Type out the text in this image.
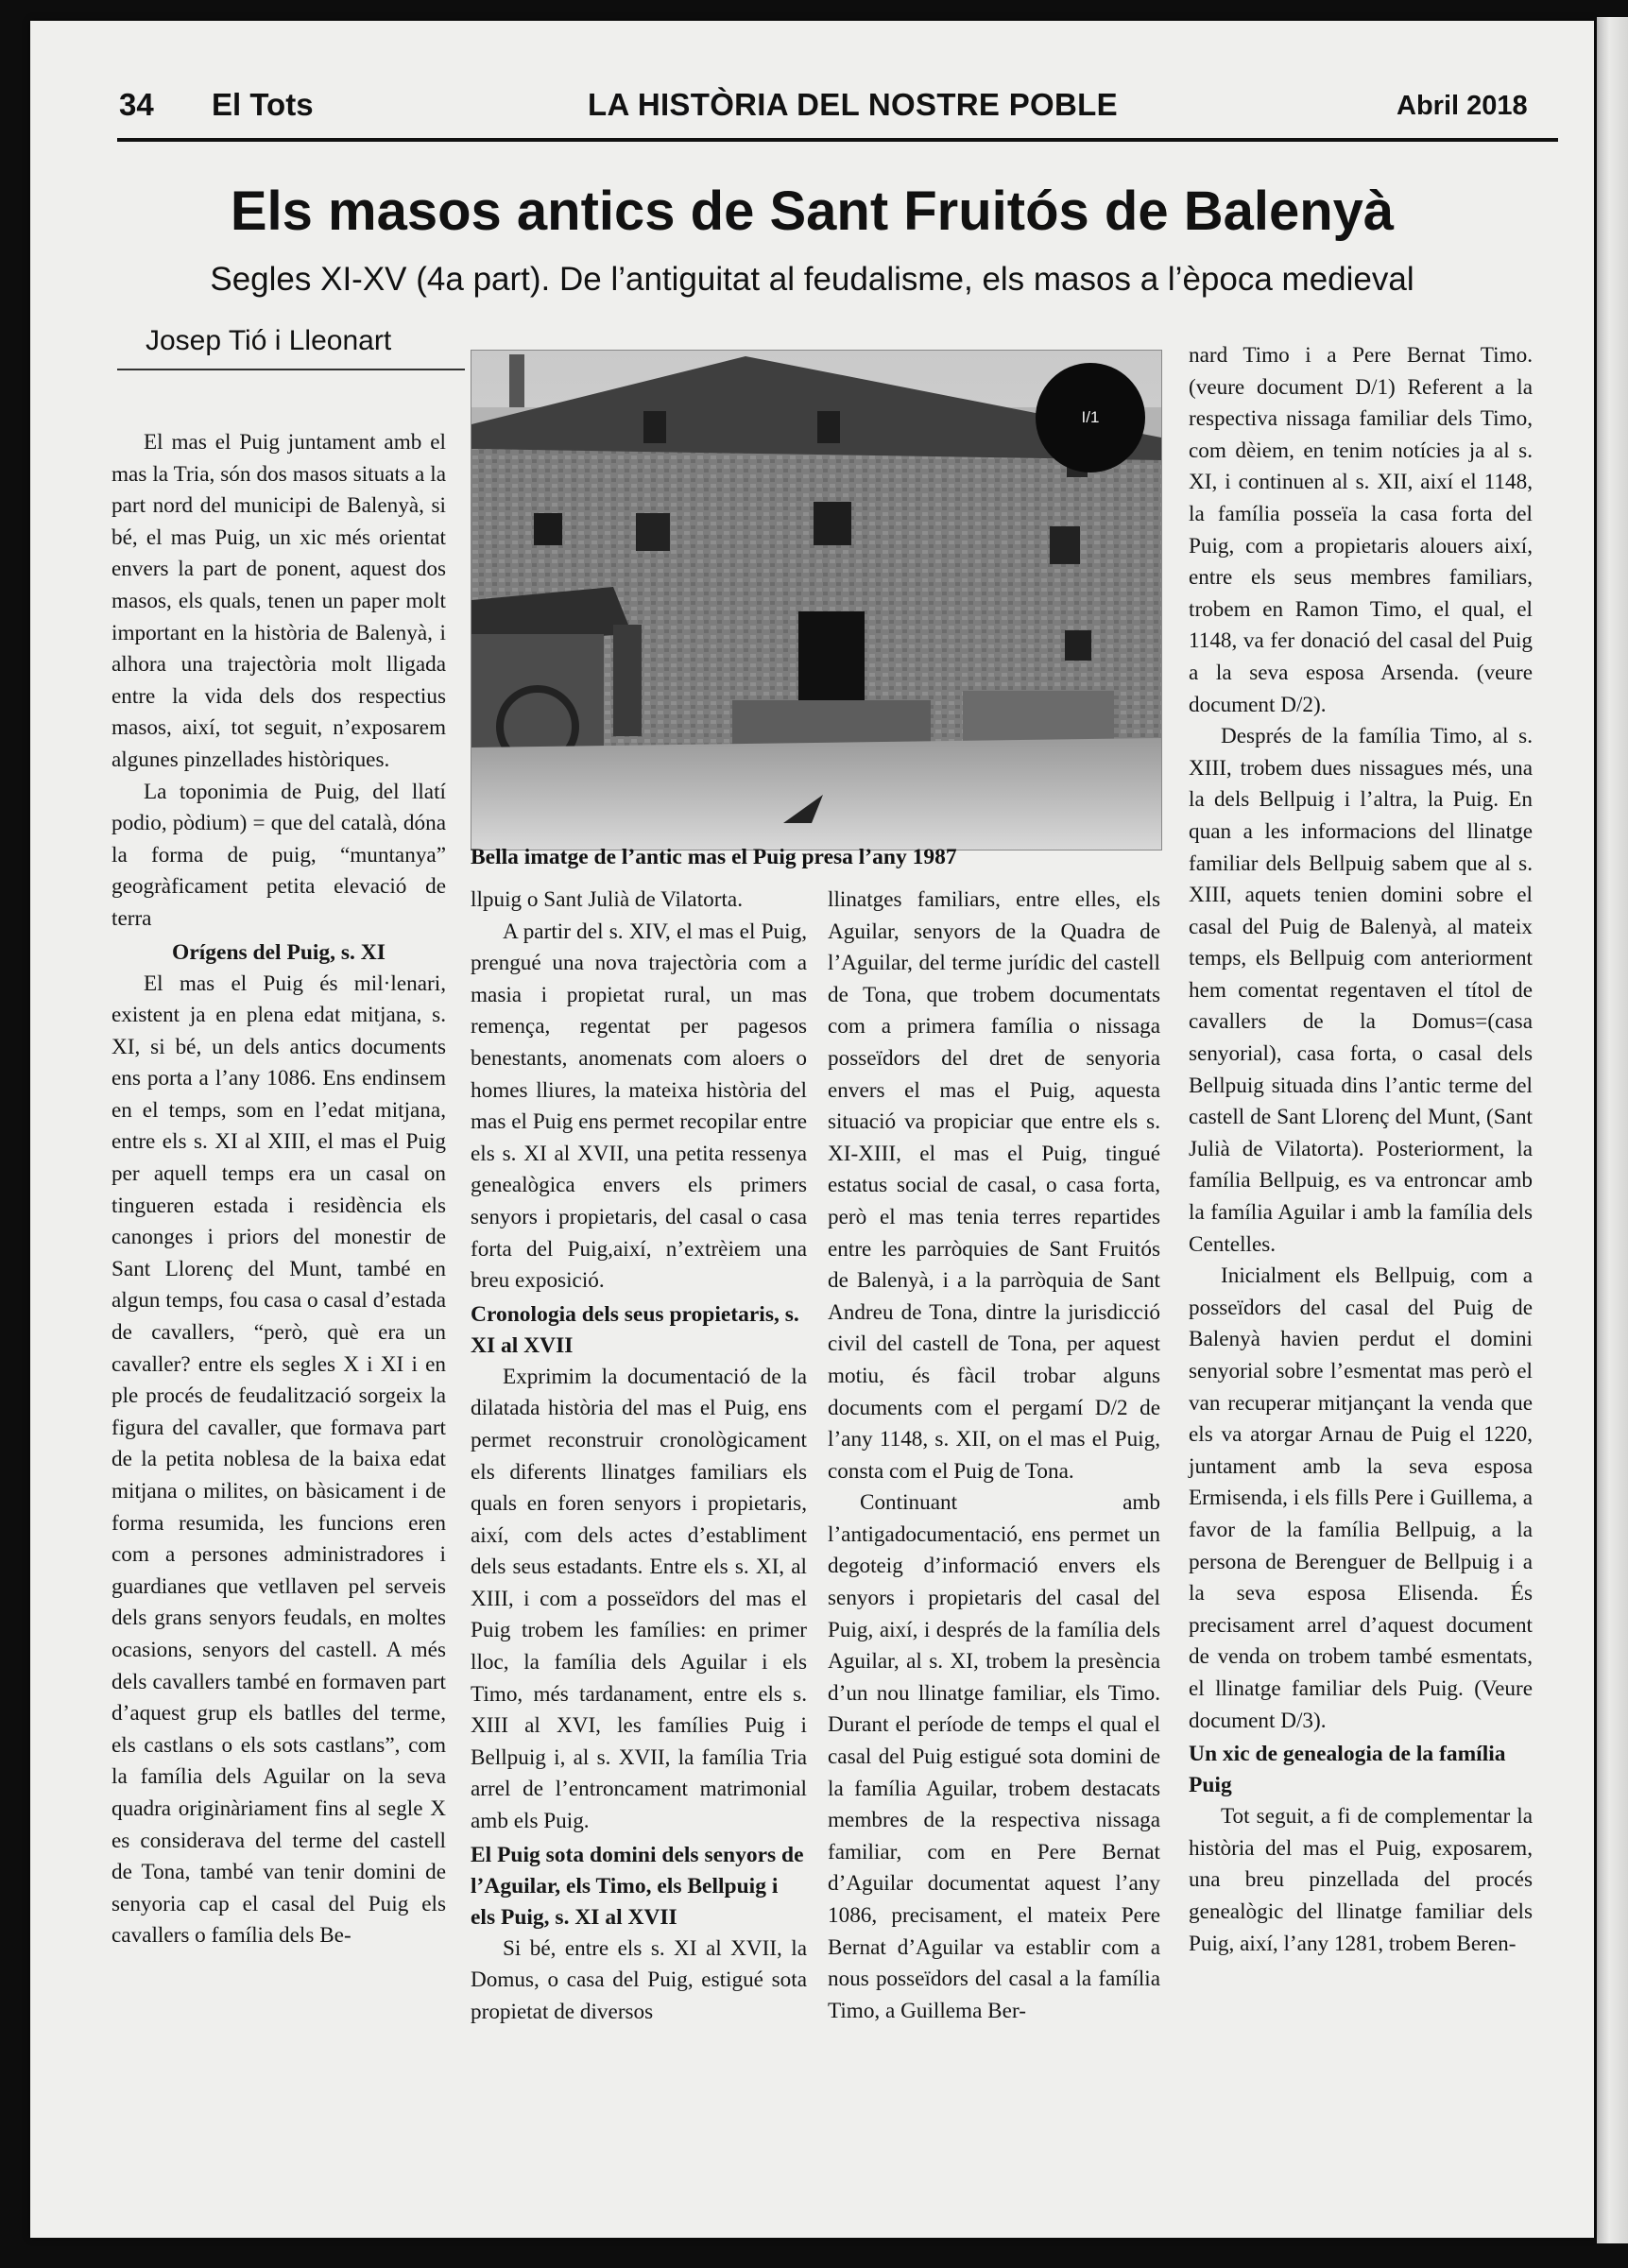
34 El Tots	LA HISTÒRIA DEL NOSTRE POBLE	Abril 2018
Els masos antics de Sant Fruitós de Balenyà
Segles XI-XV (4a part). De l’antiguitat al feudalisme, els masos a l’època medieval
Josep Tió i Lleonart
I/1
Bella imatge de l’antic mas el Puig presa l’any 1987

El mas el Puig juntament amb el mas la Tria, són dos masos situats a la part nord del municipi de Balenyà, si bé, el mas Puig, un xic més orientat envers la part de ponent, aquest dos masos, els quals, tenen un paper molt important en la història de Balenyà, i alhora una trajectòria molt lligada entre la vida dels dos respectius masos, així, tot seguit, n’exposarem algunes pinzellades històriques.

La toponimia de Puig, del llatí podio, pòdium) = que del català, dóna la forma de puig, “muntanya” geogràficament petita elevació de terra

Orígens del Puig, s. XI

El mas el Puig és mil·lenari, existent ja en plena edat mitjana, s. XI, si bé, un dels antics documents ens porta a l’any 1086. Ens endinsem en el temps, som en l’edat mitjana, entre els s. XI al XIII, el mas el Puig per aquell temps era un casal on tingueren estada i residència els canonges i priors del monestir de Sant Llorenç del Munt, també en algun temps, fou casa o casal d’estada de cavallers, “però, què era un cavaller? entre els segles X i XI i en ple procés de feudalització sorgeix la figura del cavaller, que formava part de la petita noblesa de la baixa edat mitjana o milites, on bàsicament i de forma resumida, les funcions eren com a persones administradores i guardianes que vetllaven pel serveis dels grans senyors feudals, en moltes ocasions, senyors del castell. A més dels cavallers també en formaven part d’aquest grup els batlles del terme, els castlans o els sots castlans”, com la família dels Aguilar on la seva quadra originàriament fins al segle X es considerava del terme del castell de Tona, també van tenir domini de senyoria cap el casal del Puig els cavallers o família dels Be-

llpuig o Sant Julià de Vilatorta.

A partir del s. XIV, el mas el Puig, prengué una nova trajectòria com a masia i propietat rural, un mas remença, regentat per pagesos benestants, anomenats com aloers o homes lliures, la mateixa història del mas el Puig ens permet recopilar entre els s. XI al XVII, una petita ressenya genealògica envers els primers senyors i propietaris, del casal o casa forta del Puig,així, n’extrèiem una breu exposició.

Cronologia dels seus propietaris, s. XI al XVII

Exprimim la documentació de la dilatada història del mas el Puig, ens permet reconstruir cronològicament els diferents llinatges familiars els quals en foren senyors i propietaris, així, com dels actes d’establiment dels seus estadants. Entre els s. XI, al XIII, i com a posseïdors del mas el Puig trobem les famílies: en primer lloc, la família dels Aguilar i els Timo, més tardanament, entre els s. XIII al XVI, les famílies Puig i Bellpuig i, al s. XVII, la família Tria arrel de l’entroncament matrimonial amb els Puig.

El Puig sota domini dels senyors de l’Aguilar, els Timo, els Bellpuig i els Puig, s. XI al XVII

Si bé, entre els s. XI al XVII, la Domus, o casa del Puig, estigué sota propietat de diversos

llinatges familiars, entre elles, els Aguilar, senyors de la Quadra de l’Aguilar, del terme jurídic del castell de Tona, que trobem documentats com a primera família o nissaga posseïdors del dret de senyoria envers el mas el Puig, aquesta situació va propiciar que entre els s. XI-XIII, el mas el Puig, tingué estatus social de casal, o casa forta, però el mas tenia terres repartides entre les parròquies de Sant Fruitós de Balenyà, i a la parròquia de Sant Andreu de Tona, dintre la jurisdicció civil del castell de Tona, per aquest motiu, és fàcil trobar alguns documents com el pergamí D/2 de l’any 1148, s. XII, on el mas el Puig, consta com el Puig de Tona.

Continuant amb l’antigadocumentació, ens permet un degoteig d’informació envers els senyors i propietaris del casal del Puig, així, i després de la família dels Aguilar, al s. XI, trobem la presència d’un nou llinatge familiar, els Timo. Durant el període de temps el qual el casal del Puig estigué sota domini de la família Aguilar, trobem destacats membres de la respectiva nissaga familiar, com en Pere Bernat d’Aguilar documentat aquest l’any 1086, precisament, el mateix Pere Bernat d’Aguilar va establir com a nous posseïdors del casal a la família Timo, a Guillema Ber-

nard Timo i a Pere Bernat Timo. (veure document D/1) Referent a la respectiva nissaga familiar dels Timo, com dèiem, en tenim notícies ja al s. XI, i continuen al s. XII, així el 1148, la família posseïa la casa forta del Puig, com a propietaris alouers així, entre els seus membres familiars, trobem en Ramon Timo, el qual, el 1148, va fer donació del casal del Puig a la seva esposa Arsenda. (veure document D/2).

Després de la família Timo, al s. XIII, trobem dues nissagues més, una la dels Bellpuig i l’altra, la Puig. En quan a les informacions del llinatge familiar dels Bellpuig sabem que al s. XIII, aquets tenien domini sobre el casal del Puig de Balenyà, al mateix temps, els Bellpuig com anteriorment hem comentat regentaven el títol de cavallers de la Domus=(casa senyorial), casa forta, o casal dels Bellpuig situada dins l’antic terme del castell de Sant Llorenç del Munt, (Sant Julià de Vilatorta). Posteriorment, la família Bellpuig, es va entroncar amb la família Aguilar i amb la família dels Centelles.

Inicialment els Bellpuig, com a posseïdors del casal del Puig de Balenyà havien perdut el domini senyorial sobre l’esmentat mas però el van recuperar mitjançant la venda que els va atorgar Arnau de Puig el 1220, juntament amb la seva esposa Ermisenda, i els fills Pere i Guillema, a favor de la família Bellpuig, a la persona de Berenguer de Bellpuig i a la seva esposa Elisenda. És precisament arrel d’aquest document de venda on trobem també esmentats, el llinatge familiar dels Puig. (Veure document D/3).

Un xic de genealogia de la família Puig

Tot seguit, a fi de complementar la història del mas el Puig, exposarem, una breu pinzellada del procés genealògic del llinatge familiar dels Puig, així, l’any 1281, trobem Beren-
